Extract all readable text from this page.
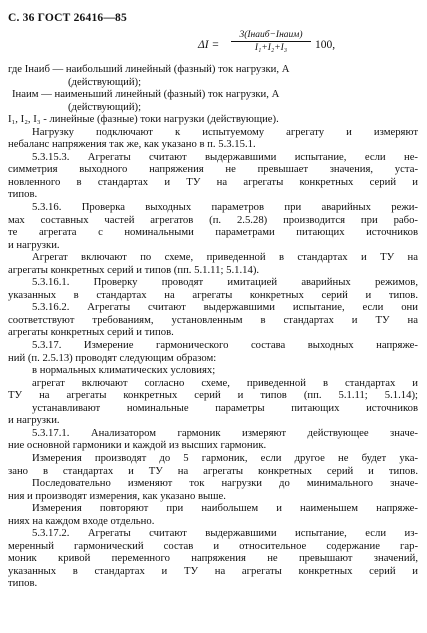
С. 36 ГОСТ 26416—85
ΔI =
3(Iнаиб−Iнаим)
I₁+I₂+I₃	100,
где Iнаиб — наибольший линейный (фазный) ток нагрузки, А
(действующий);
Iнаим — наименьший линейный (фазный) ток нагрузки, А
(действующий);
I₁, I₂, I₃ - линейные (фазные) токи нагрузки (действующие).
Нагрузку подключают к испытуемому агрегату и измеряют
небаланс напряжения так же, как указано в п. 5.3.15.1.
5.3.15.3. Агрегаты считают выдержавшими испытание, если не-
симметрия выходного напряжения не превышает значения, уста-
новленного в стандартах и ТУ на агрегаты конкретных серий и
типов.
5.3.16. Проверка выходных параметров при аварийных режи-
мах составных частей агрегатов (п. 2.5.28) производится при рабо-
те агрегата с номинальными параметрами питающих источников
и нагрузки.
Агрегат включают по схеме, приведенной в стандартах и ТУ на
агрегаты конкретных серий и типов (пп. 5.1.11; 5.1.14).
5.3.16.1. Проверку проводят имитацией аварийных режимов,
указанных в стандартах на агрегаты конкретных серий и типов.
5.3.16.2. Агрегаты считают выдержавшими испытание, если они
соответствуют требованиям, установленным в стандартах и ТУ на
агрегаты конкретных серий и типов.
5.3.17. Измерение гармонического состава выходных напряже-
ний (п. 2.5.13) проводят следующим образом:
в нормальных климатических условиях;
агрегат включают согласно схеме, приведенной в стандартах и
ТУ на агрегаты конкретных серий и типов (пп. 5.1.11; 5.1.14);
устанавливают номинальные параметры питающих источников
и нагрузки.
5.3.17.1. Анализатором гармоник измеряют действующее значе-
ние основной гармоники и каждой из высших гармоник.
Измерения производят до 5 гармоник, если другое не будет ука-
зано в стандартах и ТУ на агрегаты конкретных серий и типов.
Последовательно изменяют ток нагрузки до минимального значе-
ния и производят измерения, как указано выше.
Измерения повторяют при наибольшем и наименьшем напряже-
ниях на каждом входе отдельно.
5.3.17.2. Агрегаты считают выдержавшими испытание, если из-
меренный гармонический состав и относительное содержание гар-
моник кривой переменного напряжения не превышают значений,
указанных в стандартах и ТУ на агрегаты конкретных серий и
типов.
